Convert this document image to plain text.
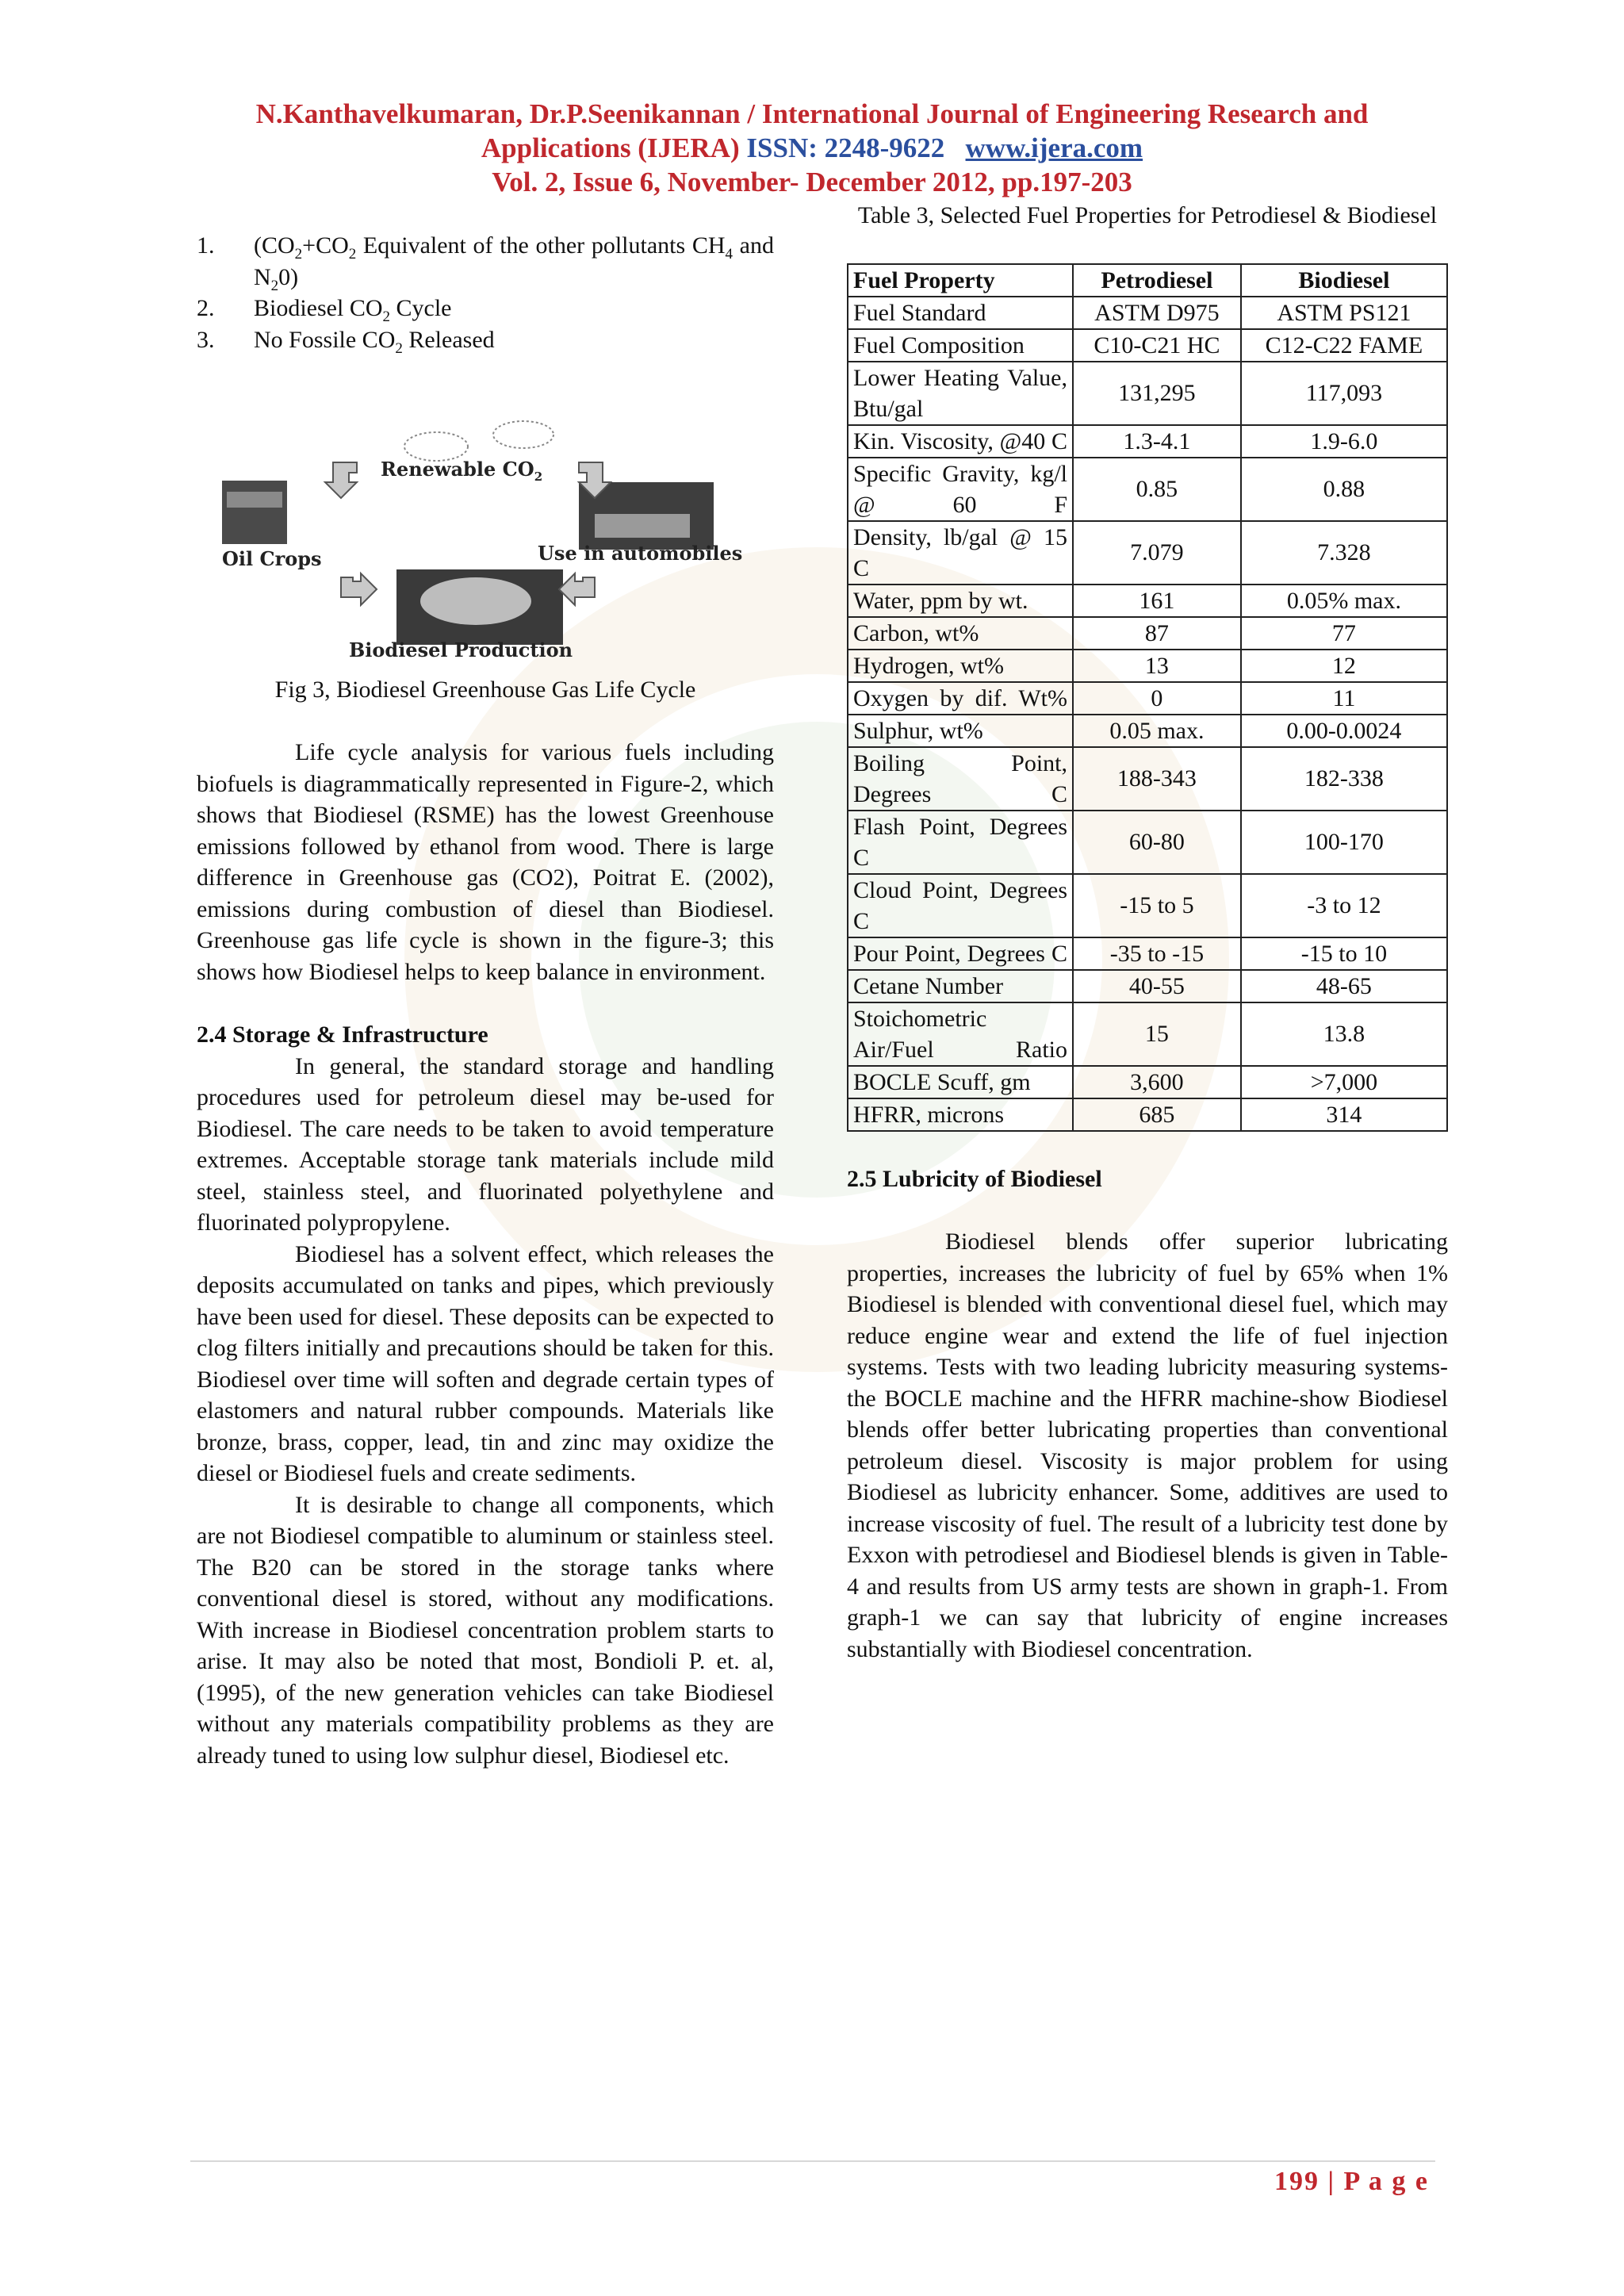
N.Kanthavelkumaran, Dr.P.Seenikannan / International Journal of Engineering Research and
Applications (IJERA) ISSN: 2248-9622 www.ijera.com
Vol. 2, Issue 6, November- December 2012, pp.197-203
1.	($CO_2+CO_2$ Equivalent of the other pollutants $CH_4$ and $N_20$)
2.	Biodiesel $CO_2$ Cycle
3.	No Fossile $CO_2$ Released
Renewable $CO_2$
Oil Crops	Use in automobiles
Biodiesel Production

Fig 3, Biodiesel Greenhouse Gas Life Cycle

Life cycle analysis for various fuels including biofuels is diagrammatically represented in Figure-2, which shows that Biodiesel (RSME) has the lowest Greenhouse emissions followed by ethanol from wood. There is large difference in Greenhouse gas (CO2), Poitrat E. (2002), emissions during combustion of diesel than Biodiesel. Greenhouse gas life cycle is shown in the figure-3; this shows how Biodiesel helps to keep balance in environment.

2.4 Storage & Infrastructure

In general, the standard storage and handling procedures used for petroleum diesel may be-used for Biodiesel. The care needs to be taken to avoid temperature extremes. Acceptable storage tank materials include mild steel, stainless steel, and fluorinated polyethylene and fluorinated polypropylene.

Biodiesel has a solvent effect, which releases the deposits accumulated on tanks and pipes, which previously have been used for diesel. These deposits can be expected to clog filters initially and precautions should be taken for this. Biodiesel over time will soften and degrade certain types of elastomers and natural rubber compounds. Materials like bronze, brass, copper, lead, tin and zinc may oxidize the diesel or Biodiesel fuels and create sediments.

It is desirable to change all components, which are not Biodiesel compatible to aluminum or stainless steel. The B20 can be stored in the storage tanks where conventional diesel is stored, without any modifications. With increase in Biodiesel concentration problem starts to arise. It may also be noted that most, Bondioli P. et. al, (1995), of the new generation vehicles can take Biodiesel without any materials compatibility problems as they are already tuned to using low sulphur diesel, Biodiesel etc.

Table 3, Selected Fuel Properties for Petrodiesel & Biodiesel

Fuel Property	Petrodiesel	Biodiesel
Fuel Standard	ASTM D975	ASTM PS121
Fuel Composition	C10-C21 HC	C12-C22 FAME
Lower Heating Value, Btu/gal	131,295	117,093
Kin. Viscosity, @40 C	1.3-4.1	1.9-6.0
Specific Gravity, kg/l @ 60 F	0.85	0.88
Density, lb/gal @ 15 C	7.079	7.328
Water, ppm by wt.	161	0.05% max.
Carbon, wt%	87	77
Hydrogen, wt%	13	12
Oxygen by dif. Wt%	0	11
Sulphur, wt%	0.05 max.	0.00-0.0024
Boiling Point, Degrees C	188-343	182-338
Flash Point, Degrees C	60-80	100-170
Cloud Point, Degrees C	-15 to 5	-3 to 12
Pour Point, Degrees C	-35 to -15	-15 to 10
Cetane Number	40-55	48-65
Stoichometric Air/Fuel Ratio	15	13.8
BOCLE Scuff, gm	3,600	>7,000
HFRR, microns	685	314

2.5 Lubricity of Biodiesel

Biodiesel blends offer superior lubricating properties, increases the lubricity of fuel by 65% when 1% Biodiesel is blended with conventional diesel fuel, which may reduce engine wear and extend the life of fuel injection systems. Tests with two leading lubricity measuring systems-the BOCLE machine and the HFRR machine-show Biodiesel blends offer better lubricating properties than conventional petroleum diesel. Viscosity is major problem for using Biodiesel as lubricity enhancer. Some, additives are used to increase viscosity of fuel. The result of a lubricity test done by Exxon with petrodiesel and Biodiesel blends is given in Table-4 and results from US army tests are shown in graph-1. From graph-1 we can say that lubricity of engine increases substantially with Biodiesel concentration.

199 | P a g e
